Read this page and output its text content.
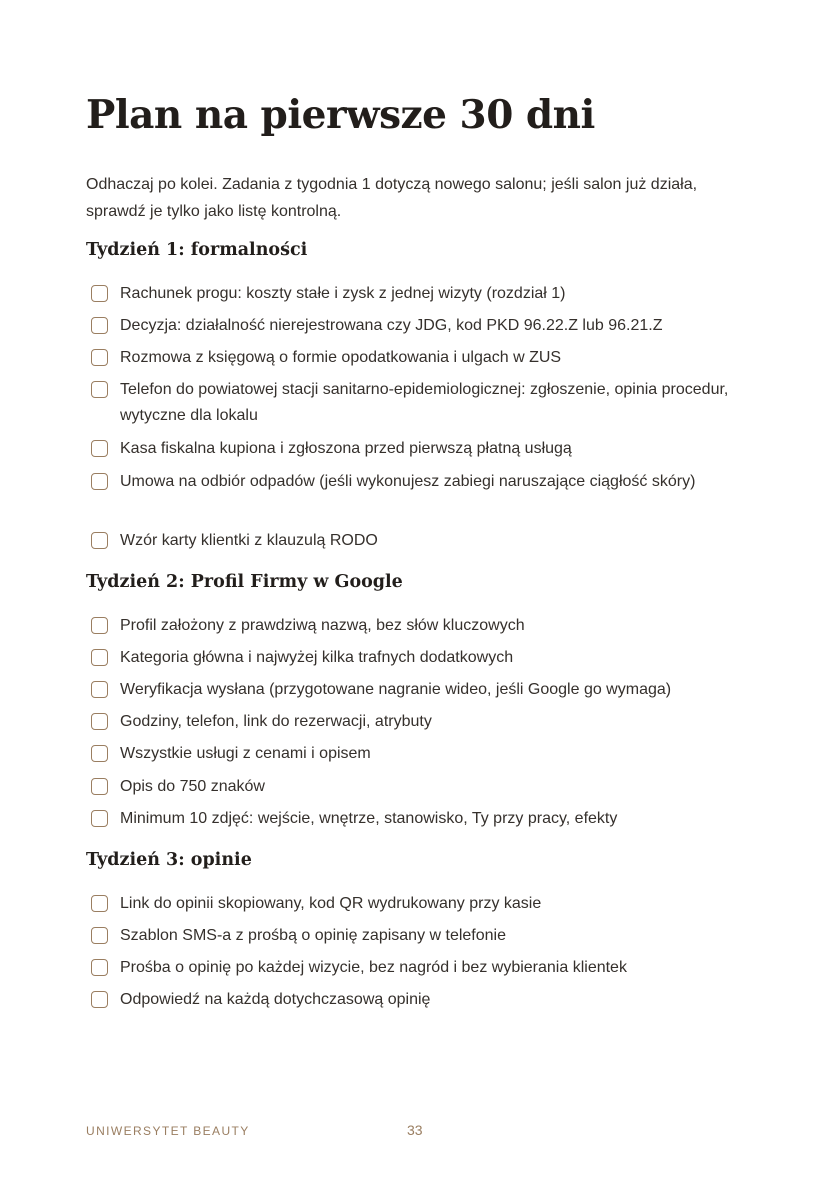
Plan na pierwsze 30 dni

Odhaczaj po kolei. Zadania z tygodnia 1 dotyczą nowego salonu; jeśli salon już działa, sprawdź je tylko jako listę kontrolną.

Tydzień 1: formalności
Rachunek progu: koszty stałe i zysk z jednej wizyty (rozdział 1)
Decyzja: działalność nierejestrowana czy JDG, kod PKD 96.22.Z lub 96.21.Z
Rozmowa z księgową o formie opodatkowania i ulgach w ZUS
Telefon do powiatowej stacji sanitarno-epidemiologicznej: zgłoszenie, opinia procedur, wytyczne dla lokalu
Kasa fiskalna kupiona i zgłoszona przed pierwszą płatną usługą
Umowa na odbiór odpadów (jeśli wykonujesz zabiegi naruszające ciągłość skóry)
Wzór karty klientki z klauzulą RODO
Tydzień 2: Profil Firmy w Google
Profil założony z prawdziwą nazwą, bez słów kluczowych
Kategoria główna i najwyżej kilka trafnych dodatkowych
Weryfikacja wysłana (przygotowane nagranie wideo, jeśli Google go wymaga)
Godziny, telefon, link do rezerwacji, atrybuty
Wszystkie usługi z cenami i opisem
Opis do 750 znaków
Minimum 10 zdjęć: wejście, wnętrze, stanowisko, Ty przy pracy, efekty
Tydzień 3: opinie
Link do opinii skopiowany, kod QR wydrukowany przy kasie
Szablon SMS-a z prośbą o opinię zapisany w telefonie
Prośba o opinię po każdej wizycie, bez nagród i bez wybierania klientek
Odpowiedź na każdą dotychczasową opinię
UNIWERSYTET BEAUTY	33
